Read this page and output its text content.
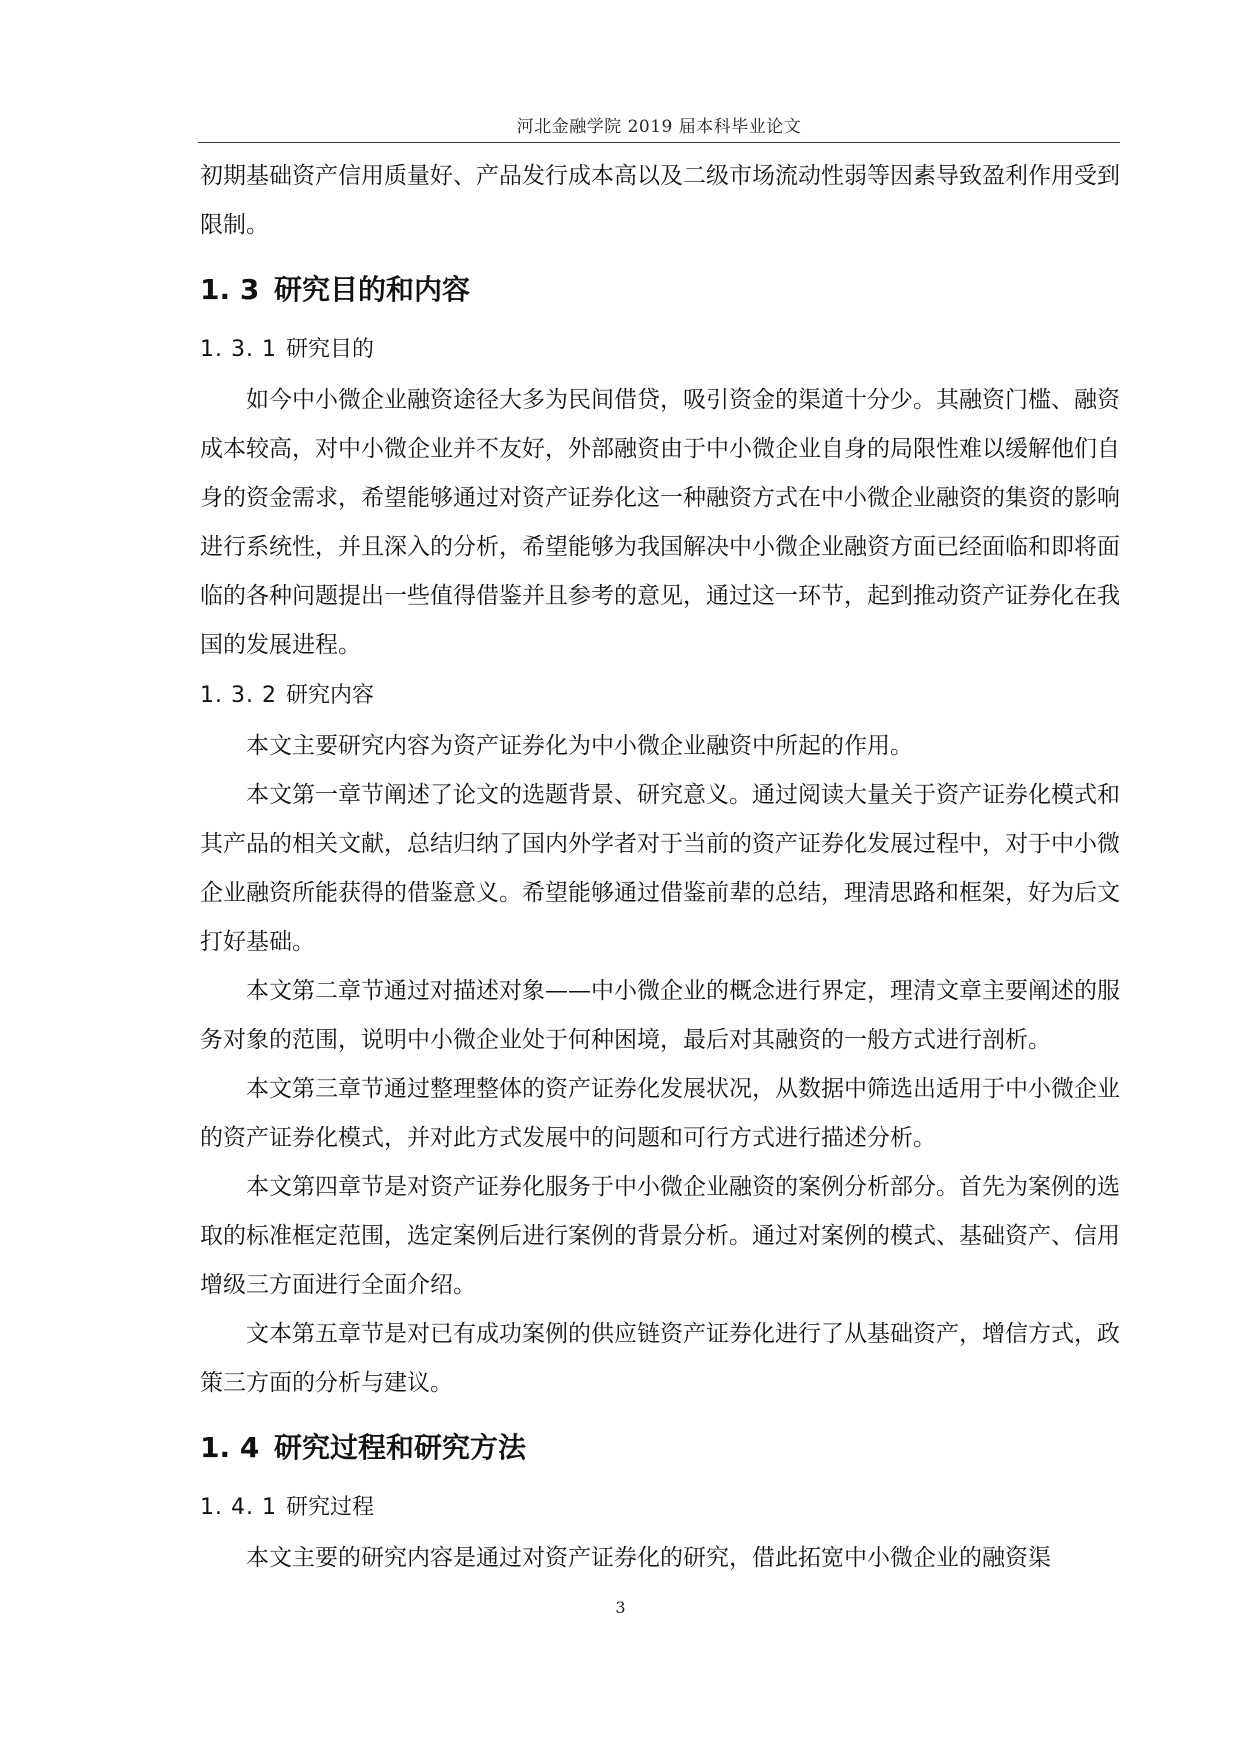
河北金融学院 2019 届本科毕业论文

初期基础资产信用质量好、产品发行成本高以及二级市场流动性弱等因素导致盈利作用受到限制。

1. 3 研究目的和内容
1. 3. 1 研究目的

如今中小微企业融资途径大多为民间借贷，吸引资金的渠道十分少。其融资门槛、融资成本较高，对中小微企业并不友好，外部融资由于中小微企业自身的局限性难以缓解他们自身的资金需求，希望能够通过对资产证券化这一种融资方式在中小微企业融资的集资的影响进行系统性，并且深入的分析，希望能够为我国解决中小微企业融资方面已经面临和即将面临的各种问题提出一些值得借鉴并且参考的意见，通过这一环节，起到推动资产证券化在我国的发展进程。

1. 3. 2 研究内容

本文主要研究内容为资产证券化为中小微企业融资中所起的作用。

本文第一章节阐述了论文的选题背景、研究意义。通过阅读大量关于资产证券化模式和其产品的相关文献，总结归纳了国内外学者对于当前的资产证券化发展过程中，对于中小微企业融资所能获得的借鉴意义。希望能够通过借鉴前辈的总结，理清思路和框架，好为后文打好基础。

本文第二章节通过对描述对象——中小微企业的概念进行界定，理清文章主要阐述的服务对象的范围，说明中小微企业处于何种困境，最后对其融资的一般方式进行剖析。

本文第三章节通过整理整体的资产证券化发展状况，从数据中筛选出适用于中小微企业的资产证券化模式，并对此方式发展中的问题和可行方式进行描述分析。

本文第四章节是对资产证券化服务于中小微企业融资的案例分析部分。首先为案例的选取的标准框定范围，选定案例后进行案例的背景分析。通过对案例的模式、基础资产、信用增级三方面进行全面介绍。

文本第五章节是对已有成功案例的供应链资产证券化进行了从基础资产，增信方式，政策三方面的分析与建议。

1. 4 研究过程和研究方法
1. 4. 1 研究过程

本文主要的研究内容是通过对资产证券化的研究，借此拓宽中小微企业的融资渠

3
